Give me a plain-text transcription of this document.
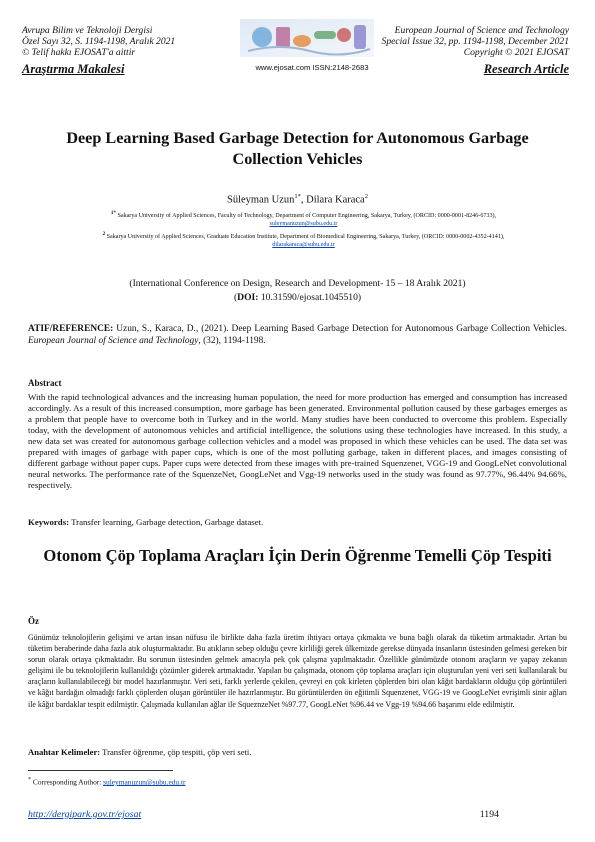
Avrupa Bilim ve Teknoloji Dergisi
Özel Sayı 32, S. 1194-1198, Aralık 2021
© Telif hakkı EJOSAT'a aittir
Araştırma Makalesi	www.ejosat.com ISSN:2148-2683
European Journal of Science and Technology
Special Issue 32, pp. 1194-1198, December 2021
Copyright © 2021 EJOSAT
Research Article
Deep Learning Based Garbage Detection for Autonomous Garbage Collection Vehicles
Süleyman Uzun$^{1*}$, Dilara Karaca$^2$
$^{1*}$ Sakarya University of Applied Sciences, Faculty of Technology, Department of Computer Engineering, Sakarya, Turkey, (ORCID: 0000-0001-8246-6733),
suleymanuzun@subu.edu.tr
$^2$ Sakarya University of Applied Sciences, Graduate Education Institute, Department of Biomedical Engineering, Sakarya, Turkey, (ORCID: 0000-0002-4352-4141),
dilarakaraca@subu.edu.tr
(International Conference on Design, Research and Development- 15 – 18 Aralık 2021)
(DOI: 10.31590/ejosat.1045510)
ATIF/REFERENCE: Uzun, S., Karaca, D., (2021). Deep Learning Based Garbage Detection for Autonomous Garbage Collection Vehicles. European Journal of Science and Technology, (32), 1194-1198.
Abstract
With the rapid technological advances and the increasing human population, the need for more production has emerged and consumption has increased accordingly. As a result of this increased consumption, more garbage has been generated. Environmental pollution caused by these garbages emerges as a problem that people have to overcome both in Turkey and in the world. Many studies have been conducted to overcome this problem. Especially today, with the development of autonomous vehicles and artificial intelligence, the solutions using these technologies have increased. In this study, a new data set was created for autonomous garbage collection vehicles and a model was proposed in which these vehicles can be used. The data set was prepared with images of garbage with paper cups, which is one of the most polluting garbage, taken in different places, and images consisting of different garbage without paper cups. Paper cups were detected from these images with pre-trained Squenzenet, VGG-19 and GoogLeNet convolutional neural networks. The performance rate of the SquenzeNet, GoogLeNet and Vgg-19 networks used in the study was found as 97.77%, 96.44% 94.66%, respectively.
Keywords: Transfer learning, Garbage detection, Garbage dataset.
Otonom Çöp Toplama Araçları İçin Derin Öğrenme Temelli Çöp Tespiti
Öz
Günümüz teknolojilerin gelişimi ve artan insan nüfusu ile birlikte daha fazla üretim ihtiyacı ortaya çıkmakta ve buna bağlı olarak da tüketim artmaktadır. Artan bu tüketim beraberinde daha fazla atık oluşturmaktadır. Bu atıkların sebep olduğu çevre kirliliği gerek ülkemizde gerekse dünyada insanların üstesinden gelmesi gereken bir sorun olarak ortaya çıkmaktadır. Bu sorunun üstesinden gelmek amacıyla pek çok çalışma yapılmaktadır. Özellikle günümüzde otonom araçların ve yapay zekanın gelişimi ile bu teknolojilerin kullanıldığı çözümler giderek artmaktadır. Yapılan bu çalışmada, otonom çöp toplama araçları için oluşturulan yeni veri seti kullanılarak bu araçların kullanılabileceği bir model hazırlanmıştır. Veri seti, farklı yerlerde çekilen, çevreyi en çok kirleten çöplerden biri olan kâğıt bardakların olduğu çöp görüntüleri ve kâğıt bardağın olmadığı farklı çöplerden oluşan görüntüler ile hazırlanmıştır. Bu görüntülerden ön eğitimli Squenzenet, VGG-19 ve GoogLeNet evrişimli sinir ağları ile kâğıt bardaklar tespit edilmiştir. Çalışmada kullanılan ağlar ile SqueznzeNet %97.77, GoogLeNet %96.44 ve Vgg-19 %94.66 başarımı elde edilmiştir.
Anahtar Kelimeler: Transfer öğrenme, çöp tespiti, çöp veri seti.
* Corresponding Author: suleymanuzun@subu.edu.tr
http://dergipark.gov.tr/ejosat	1194
